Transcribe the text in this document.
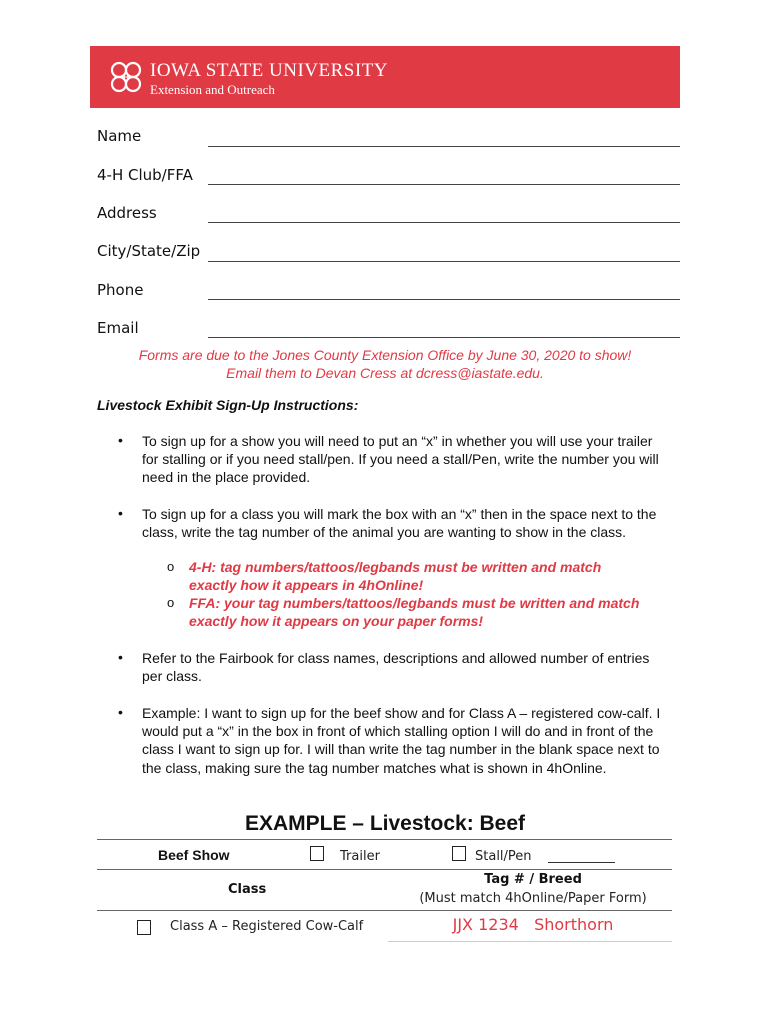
H IOWA STATE UNIVERSITY
Extension and Outreach
Name
4-H Club/FFA
Address
City/State/Zip
Phone
Email
Forms are due to the Jones County Extension Office by June 30, 2020 to show!
Email them to Devan Cress at dcress@iastate.edu.
Livestock Exhibit Sign-Up Instructions:
• To sign up for a show you will need to put an “x” in whether you will use your trailer for stalling or if you need stall/pen. If you need a stall/Pen, write the number you will need in the place provided.
• To sign up for a class you will mark the box with an “x” then in the space next to the class, write the tag number of the animal you are wanting to show in the class.
o 4-H: tag numbers/tattoos/legbands must be written and match exactly how it appears in 4hOnline!
o FFA: your tag numbers/tattoos/legbands must be written and match exactly how it appears on your paper forms!
• Refer to the Fairbook for class names, descriptions and allowed number of entries per class.
• Example: I want to sign up for the beef show and for Class A – registered cow-calf. I would put a “x” in the box in front of which stalling option I will do and in front of the class I want to sign up for. I will than write the tag number in the blank space next to the class, making sure the tag number matches what is shown in 4hOnline.
EXAMPLE – Livestock: Beef
Beef Show	Trailer	Stall/Pen
Class
Tag # / Breed
(Must match 4hOnline/Paper Form)
Class A – Registered Cow-Calf	JJX 1234   Shorthorn
